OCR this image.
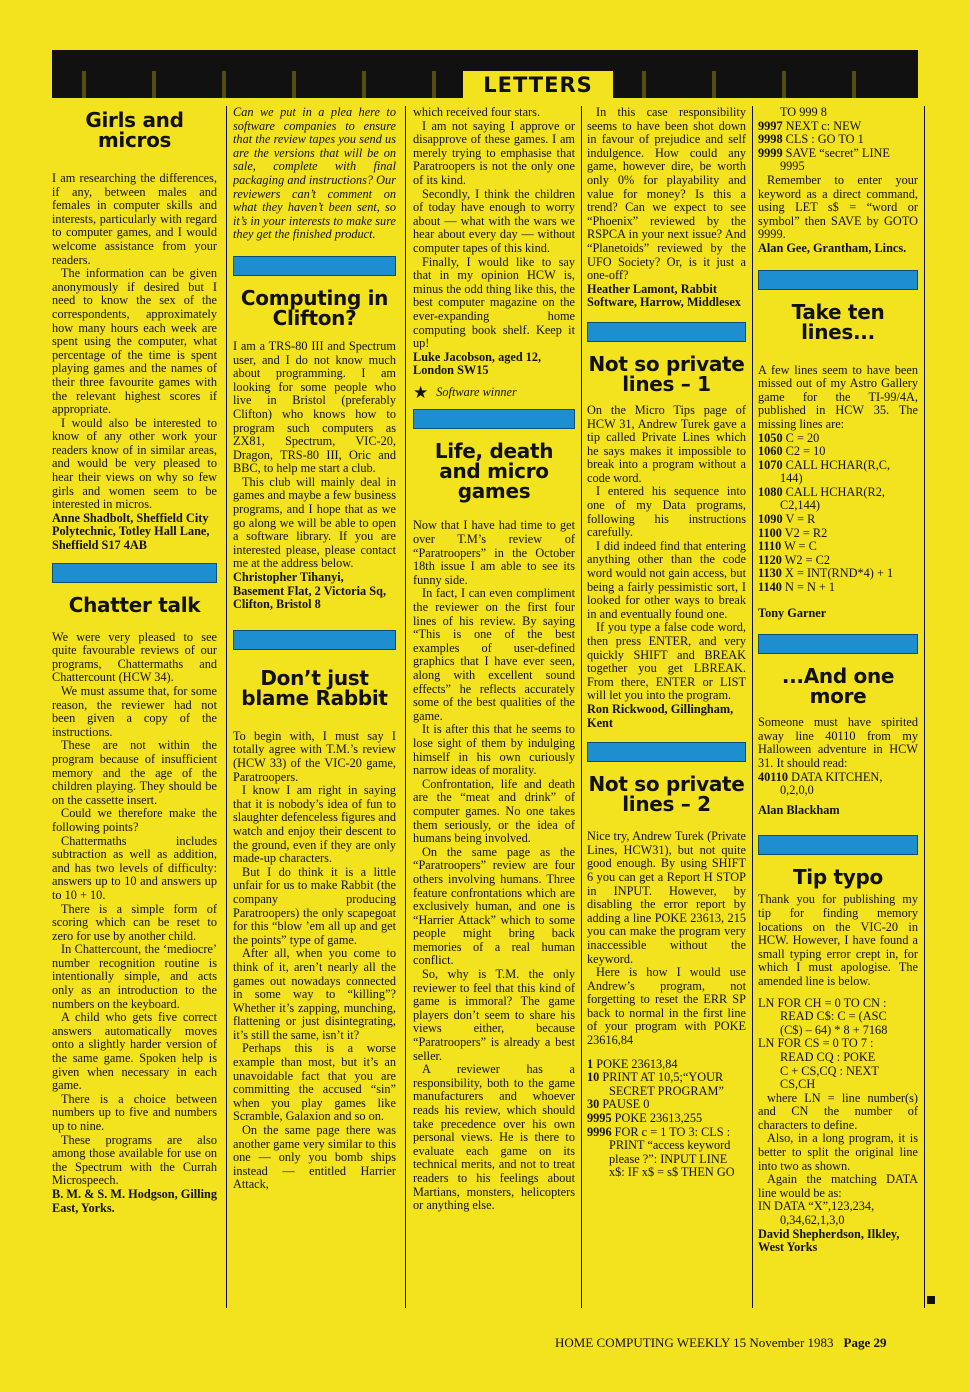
LETTERS
Girls and micros

I am researching the differences, if any, between males and females in computer skills and interests, particularly with regard to computer games, and I would welcome assistance from your readers.

The information can be given anonymously if desired but I need to know the sex of the correspondents, approximately how many hours each week are spent using the computer, what percentage of the time is spent playing games and the names of their three favourite games with the relevant highest scores if appropriate.

I would also be interested to know of any other work your readers know of in similar areas, and would be very pleased to hear their views on why so few girls and women seem to be interested in micros.

Anne Shadbolt, Sheffield City Polytechnic, Totley Hall Lane, Sheffield S17 4AB

Chatter talk

We were very pleased to see quite favourable reviews of our programs, Chattermaths and Chattercount (HCW 34).

We must assume that, for some reason, the reviewer had not been given a copy of the instructions.

These are not within the program because of insufficient memory and the age of the children playing. They should be on the cassette insert.

Could we therefore make the following points?

Chattermaths includes subtraction as well as addition, and has two levels of difficulty: answers up to 10 and answers up to 10 + 10.

There is a simple form of scoring which can be reset to zero for use by another child.

In Chattercount, the ‘mediocre’ number recognition routine is intentionally simple, and acts only as an introduction to the numbers on the keyboard.

A child who gets five correct answers automatically moves onto a slightly harder version of the same game. Spoken help is given when necessary in each game.

There is a choice between numbers up to five and numbers up to nine.

These programs are also among those available for use on the Spectrum with the Currah Microspeech.

B. M. & S. M. Hodgson, Gilling East, Yorks.

Can we put in a plea here to software companies to ensure that the review tapes you send us are the versions that will be on sale, complete with final packaging and instructions? Our reviewers can’t comment on what they haven’t been sent, so it’s in your interests to make sure they get the finished product.

Computing in Clifton?

I am a TRS-80 III and Spectrum user, and I do not know much about programming. I am looking for some people who live in Bristol (preferably Clifton) who knows how to program such computers as ZX81, Spectrum, VIC-20, Dragon, TRS-80 III, Oric and BBC, to help me start a club.

This club will mainly deal in games and maybe a few business programs, and I hope that as we go along we will be able to open a software library. If you are interested please, please contact me at the address below.

Christopher Tihanyi, Basement Flat, 2 Victoria Sq, Clifton, Bristol 8

Don’t just blame Rabbit

To begin with, I must say I totally agree with T.M.’s review (HCW 33) of the VIC-20 game, Paratroopers.

I know I am right in saying that it is nobody’s idea of fun to slaughter defenceless figures and watch and enjoy their descent to the ground, even if they are only made-up characters.

But I do think it is a little unfair for us to make Rabbit (the company producing Paratroopers) the only scapegoat for this “blow ’em all up and get the points” type of game.

After all, when you come to think of it, aren’t nearly all the games out nowadays connected in some way to “killing”? Whether it’s zapping, munching, flattening or just disintegrating, it’s still the same, isn’t it?

Perhaps this is a worse example than most, but it’s an unavoidable fact that you are committing the accused “sin” when you play games like Scramble, Galaxion and so on.

On the same page there was another game very similar to this one — only you bomb ships instead — entitled Harrier Attack,

which received four stars.

I am not saying I approve or disapprove of these games. I am merely trying to emphasise that Paratroopers is not the only one of its kind.

Secondly, I think the children of today have enough to worry about — what with the wars we hear about every day — without computer tapes of this kind.

Finally, I would like to say that in my opinion HCW is, minus the odd thing like this, the best computer magazine on the ever-expanding home computing book shelf. Keep it up!

Luke Jacobson, aged 12, London SW15

★ Software winner

Life, death and micro games

Now that I have had time to get over T.M’s review of “Paratroopers” in the October 18th issue I am able to see its funny side.

In fact, I can even compliment the reviewer on the first four lines of his review. By saying “This is one of the best examples of user-defined graphics that I have ever seen, along with excellent sound effects” he reflects accurately some of the best qualities of the game.

It is after this that he seems to lose sight of them by indulging himself in his own curiously narrow ideas of morality.

Confrontation, life and death are the “meat and drink” of computer games. No one takes them seriously, or the idea of humans being involved.

On the same page as the “Paratroopers” review are four others involving humans. Three feature confrontations which are exclusively human, and one is “Harrier Attack” which to some people might bring back memories of a real human conflict.

So, why is T.M. the only reviewer to feel that this kind of game is immoral? The game players don’t seem to share his views either, because “Paratroopers” is already a best seller.

A reviewer has a responsibility, both to the game manufacturers and whoever reads his review, which should take precedence over his own personal views. He is there to evaluate each game on its technical merits, and not to treat readers to his feelings about Martians, monsters, helicopters or anything else.

In this case responsibility seems to have been shot down in favour of prejudice and self indulgence. How could any game, however dire, be worth only 0% for playability and value for money? Is this a trend? Can we expect to see “Phoenix” reviewed by the RSPCA in your next issue? And “Planetoids” reviewed by the UFO Society? Or, is it just a one-off?

Heather Lamont, Rabbit Software, Harrow, Middlesex

Not so private lines – 1

On the Micro Tips page of HCW 31, Andrew Turek gave a tip called Private Lines which he says makes it impossible to break into a program without a code word.

I entered his sequence into one of my Data programs, following his instructions carefully.

I did indeed find that entering anything other than the code word would not gain access, but being a fairly pessimistic sort, I looked for other ways to break in and eventually found one.

If you type a false code word, then press ENTER, and very quickly SHIFT and BREAK together you get LBREAK. From there, ENTER or LIST will let you into the program.

Ron Rickwood, Gillingham, Kent

Not so private lines – 2

Nice try, Andrew Turek (Private Lines, HCW31), but not quite good enough. By using SHIFT 6 you can get a Report H STOP in INPUT. However, by disabling the error report by adding a line POKE 23613, 215 you can make the program very inaccessible without the keyword.

Here is how I would use Andrew’s program, not forgetting to reset the ERR SP back to normal in the first line of your program with POKE 23616,84

1 POKE 23613,84

10 PRINT AT 10,5;“YOUR

SECRET PROGRAM”

30 PAUSE 0

9995 POKE 23613,255

9996 FOR c = 1 TO 3: CLS :

PRINT “access keyword

please ?”: INPUT LINE

x$: IF x$ = s$ THEN GO

TO 999 8

9997 NEXT c: NEW

9998 CLS : GO TO 1

9999 SAVE “secret” LINE

9995

Remember to enter your keyword as a direct command, using LET s$ = “word or symbol” then SAVE by GOTO 9999.

Alan Gee, Grantham, Lincs.

Take ten lines...

A few lines seem to have been missed out of my Astro Gallery game for the TI-99/4A, published in HCW 35. The missing lines are:

1050 C = 20

1060 C2 = 10

1070 CALL HCHAR(R,C,

144)

1080 CALL HCHAR(R2,

C2,144)

1090 V = R

1100 V2 = R2

1110 W = C

1120 W2 = C2

1130 X = INT(RND*4) + 1

1140 N = N + 1

Tony Garner

...And one more

Someone must have spirited away line 40110 from my Halloween adventure in HCW 31. It should read:

40110 DATA KITCHEN,
0,2,0,0

Alan Blackham

Tip typo

Thank you for publishing my tip for finding memory locations on the VIC-20 in HCW. However, I have found a small typing error crept in, for which I must apologise. The amended line is below.

LN FOR CH = 0 TO CN :

READ C$: C = (ASC

(C$) – 64) * 8 + 7168

LN FOR CS = 0 TO 7 :

READ CQ : POKE

C + CS,CQ : NEXT

CS,CH

where LN = line number(s) and CN the number of characters to define.

Also, in a long program, it is better to split the original line into two as shown.

Again the matching DATA line would be as:

IN DATA “X”,123,234,

0,34,62,1,3,0

David Shepherdson, Ilkley, West Yorks

HOME COMPUTING WEEKLY 15 November 1983 Page 29
